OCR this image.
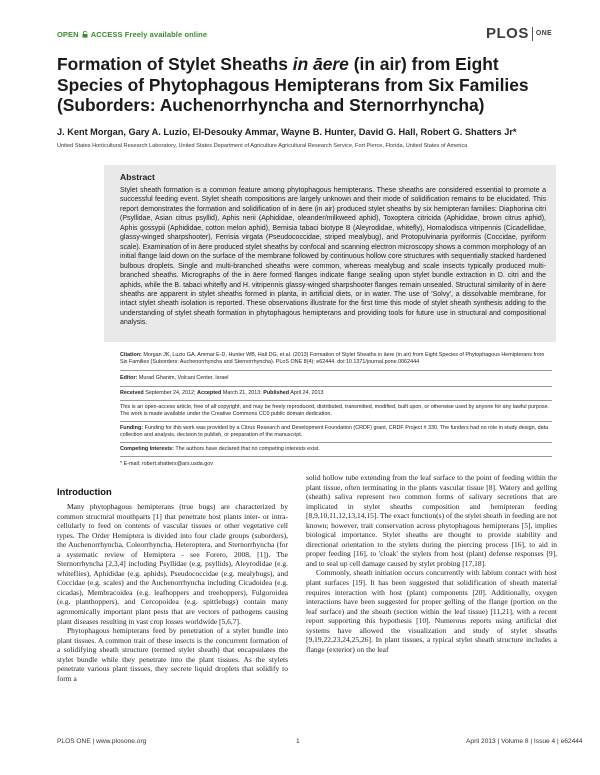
OPEN ACCESS Freely available online	PLOS ONE
Formation of Stylet Sheaths in āere (in air) from Eight Species of Phytophagous Hemipterans from Six Families (Suborders: Auchenorrhyncha and Sternorrhyncha)
J. Kent Morgan, Gary A. Luzio, El-Desouky Ammar, Wayne B. Hunter, David G. Hall, Robert G. Shatters Jr*
United States Horticultural Research Laboratory, United States Department of Agriculture Agricultural Research Service, Fort Pierce, Florida, United States of America
Abstract

Stylet sheath formation is a common feature among phytophagous hemipterans. These sheaths are considered essential to promote a successful feeding event. Stylet sheath compositions are largely unknown and their mode of solidification remains to be elucidated. This report demonstrates the formation and solidification of in āere (in air) produced stylet sheaths by six hemipteran families: Diaphorina citri (Psyllidae, Asian citrus psyllid), Aphis nerii (Aphididae, oleander/milkweed aphid), Toxoptera citricida (Aphididae, brown citrus aphid), Aphis gossypii (Aphididae, cotton melon aphid), Bemisia tabaci biotype B (Aleyrodidae, whitefly), Homalodisca vitripennis (Cicadellidae, glassy-winged sharpshooter), Ferrisia virgata (Pseudococcidae, striped mealybug), and Protopulvinaria pyriformis (Coccidae, pyriform scale). Examination of in āere produced stylet sheaths by confocal and scanning electron microscopy shows a common morphology of an initial flange laid down on the surface of the membrane followed by continuous hollow core structures with sequentially stacked hardened bulbous droplets. Single and multi-branched sheaths were common, whereas mealybug and scale insects typically produced multi-branched sheaths. Micrographs of the in āere formed flanges indicate flange sealing upon stylet bundle extraction in D. citri and the aphids, while the B. tabaci whitefly and H. vitripennis glassy-winged sharpshooter flanges remain unsealed. Structural similarity of in āere sheaths are apparent in stylet sheaths formed in planta, in artificial diets, or in water. The use of 'Solvy', a dissolvable membrane, for intact stylet sheath isolation is reported. These observations illustrate for the first time this mode of stylet sheath synthesis adding to the understanding of stylet sheath formation in phytophagous hemipterans and providing tools for future use in structural and compositional analysis.

Citation: Morgan JK, Luzio GA, Ammar E-D, Hunter WB, Hall DG, et al. (2013) Formation of Stylet Sheaths in āere (in air) from Eight Species of Phytophagous Hemipterans from Six Families (Suborders: Auchenorrhyncha and Sternorrhyncha). PLoS ONE 8(4): e62444. doi:10.1371/journal.pone.0062444
Editor: Murad Ghanim, Volcani Center, Israel
Received September 24, 2012; Accepted March 21, 2013; Published April 24, 2013
This is an open-access article, free of all copyright, and may be freely reproduced, distributed, transmitted, modified, built upon, or otherwise used by anyone for any lawful purpose. The work is made available under the Creative Commons CC0 public domain dedication.
Funding: Funding for this work was provided by a Citrus Research and Development Foundation (CRDF) grant, CRDF Project # 330. The funders had no role in study design, data collection and analysis, decision to publish, or preparation of the manuscript.
Competing Interests: The authors have declared that no competing interests exist.
* E-mail: robert.shatters@ars.usda.gov
Introduction

Many phytophagous hemipterans (true bugs) are characterized by common structural mouthparts [1] that penetrate host plants inter- or intra-cellularly to feed on contents of vascular tissues or other vegetative cell types. The Order Hemiptera is divided into four clade groups (suborders), the Auchenorrhyncha, Coleorrhyncha, Heteroptera, and Sternorrhyncha (for a systematic review of Hemiptera - see Forero, 2008, [1]). The Sternorrhyncha [2,3,4] including Psyllidae (e.g. psyllids), Aleyrodidae (e.g. whiteflies), Aphididae (e.g. aphids), Pseudococcidae (e.g. mealybugs), and Coccidae (e.g. scales) and the Auchenorrhyncha including Cicadoidea (e.g. cicadas), Membracoidea (e.g. leafhoppers and treehoppers), Fulgoroidea (e.g. planthoppers), and Cercopoidea (e.g. spittlebugs) contain many agronomically important plant pests that are vectors of pathogens causing plant diseases resulting in vast crop losses worldwide [5,6,7].

Phytophagous hemipterans feed by penetration of a stylet bundle into plant tissues. A common trait of these insects is the concurrent formation of a solidifying sheath structure (termed stylet sheath) that encapsulates the stylet bundle while they penetrate into the plant tissues. As the stylets penetrate various plant tissues, they secrete liquid droplets that solidify to form a

solid hollow tube extending from the leaf surface to the point of feeding within the plant tissue, often terminating in the plants vascular tissue [8]. Watery and gelling (sheath) saliva represent two common forms of salivary secretions that are implicated in stylet sheaths composition and hemipteran feeding [8,9,10,11,12,13,14,15]. The exact function(s) of the stylet sheath in feeding are not known; however, trait conservation across phytophagous hemipterans [5], implies biological importance. Stylet sheaths are thought to provide stability and directional orientation to the stylets during the piercing process [16], to aid in proper feeding [16], to 'cloak' the stylets from host (plant) defense responses [9], and to seal up cell damage caused by stylet probing [17,18].

Commonly, sheath initiation occurs concurrently with labium contact with host plant surfaces [19]. It has been suggested that solidification of sheath material requires interaction with host (plant) components [20]. Additionally, oxygen interactions have been suggested for proper gelling of the flange (portion on the leaf surface) and the sheath (section within the leaf tissue) [11,21], with a recent report supporting this hypothesis [10]. Numerous reports using artificial diet systems have allowed the visualization and study of stylet sheaths [9,19,22,23,24,25,26]. In plant tissues, a typical stylet sheath structure includes a flange (exterior) on the leaf

PLOS ONE | www.plosone.org	1	April 2013 | Volume 8 | Issue 4 | e62444
